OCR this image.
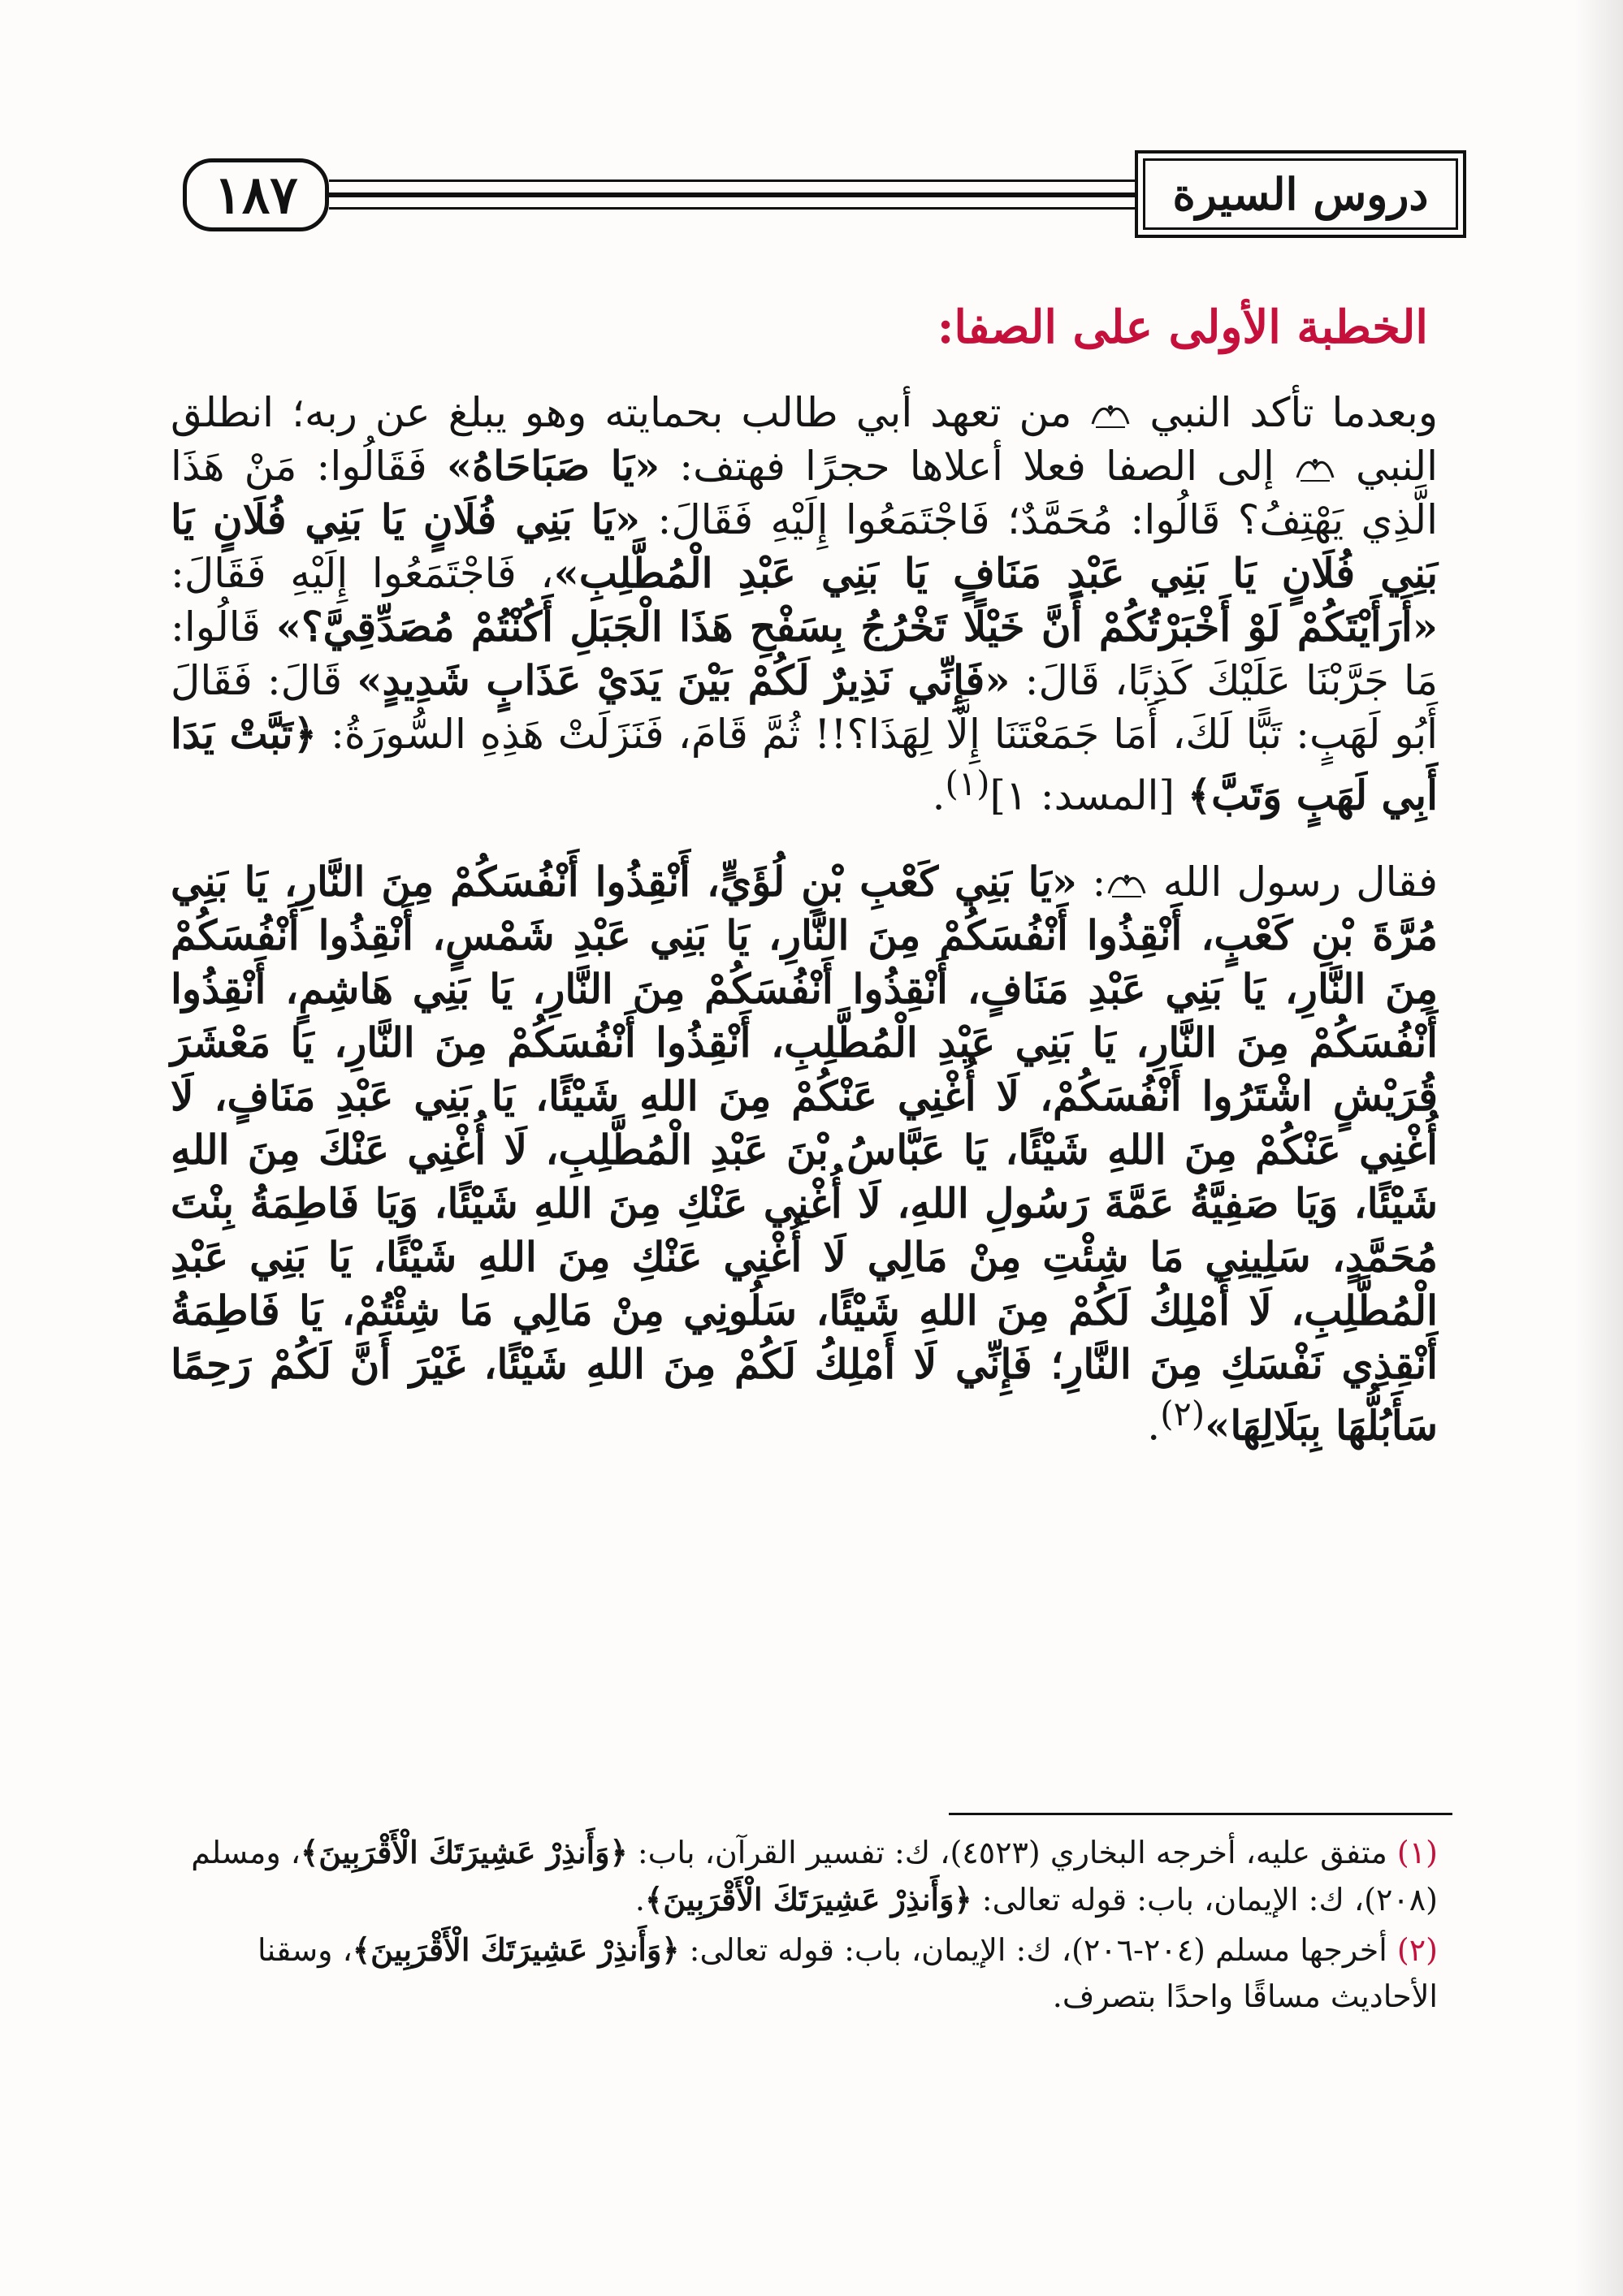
١٨٧	دروس السيرة
الخطبة الأولى على الصفا:

وبعدما تأكد النبي
من تعهد أبي طالب بحمايته وهو يبلغ عن ربه؛ انطلق النبي
إلى الصفا فعلا أعلاها حجرًا فهتف: «يَا صَبَاحَاهُ» فَقَالُوا: مَنْ هَذَا الَّذِي يَهْتِفُ؟ قَالُوا: مُحَمَّدٌ؛ فَاجْتَمَعُوا إِلَيْهِ فَقَالَ: «يَا بَنِي فُلَانٍ يَا بَنِي فُلَانٍ يَا بَنِي فُلَانٍ يَا بَنِي عَبْدِ مَنَافٍ يَا بَنِي عَبْدِ الْمُطَّلِبِ»، فَاجْتَمَعُوا إِلَيْهِ فَقَالَ: «أَرَأَيْتَكُمْ لَوْ أَخْبَرْتُكُمْ أَنَّ خَيْلًا تَخْرُجُ بِسَفْحِ هَذَا الْجَبَلِ أَكُنْتُمْ مُصَدِّقِيَّ؟» قَالُوا: مَا جَرَّبْنَا عَلَيْكَ كَذِبًا، قَالَ: «فَإِنِّي نَذِيرٌ لَكُمْ بَيْنَ يَدَيْ عَذَابٍ شَدِيدٍ» قَالَ: فَقَالَ أَبُو لَهَبٍ: تَبًّا لَكَ، أَمَا جَمَعْتَنَا إِلَّا لِهَذَا؟!! ثُمَّ قَامَ، فَنَزَلَتْ هَذِهِ السُّورَةُ: ﴿تَبَّتْ يَدَا أَبِي لَهَبٍ وَتَبَّ﴾ [المسد: ١]$^{(١)}$.

فقال رسول الله
: «يَا بَنِي كَعْبِ بْنِ لُؤَيٍّ، أَنْقِذُوا أَنْفُسَكُمْ مِنَ النَّارِ، يَا بَنِي مُرَّةَ بْنِ كَعْبٍ، أَنْقِذُوا أَنْفُسَكُمْ مِنَ النَّارِ، يَا بَنِي عَبْدِ شَمْسٍ، أَنْقِذُوا أَنْفُسَكُمْ مِنَ النَّارِ، يَا بَنِي عَبْدِ مَنَافٍ، أَنْقِذُوا أَنْفُسَكُمْ مِنَ النَّارِ، يَا بَنِي هَاشِمٍ، أَنْقِذُوا أَنْفُسَكُمْ مِنَ النَّارِ، يَا بَنِي عَبْدِ الْمُطَّلِبِ، أَنْقِذُوا أَنْفُسَكُمْ مِنَ النَّارِ، يَا مَعْشَرَ قُرَيْشٍ اشْتَرُوا أَنْفُسَكُمْ، لَا أُغْنِي عَنْكُمْ مِنَ اللهِ شَيْئًا، يَا بَنِي عَبْدِ مَنَافٍ، لَا أُغْنِي عَنْكُمْ مِنَ اللهِ شَيْئًا، يَا عَبَّاسُ بْنَ عَبْدِ الْمُطَّلِبِ، لَا أُغْنِي عَنْكَ مِنَ اللهِ شَيْئًا، وَيَا صَفِيَّةُ عَمَّةَ رَسُولِ اللهِ، لَا أُغْنِي عَنْكِ مِنَ اللهِ شَيْئًا، وَيَا فَاطِمَةُ بِنْتَ مُحَمَّدٍ، سَلِينِي مَا شِئْتِ مِنْ مَالِي لَا أُغْنِي عَنْكِ مِنَ اللهِ شَيْئًا، يَا بَنِي عَبْدِ الْمُطَّلِبِ، لَا أَمْلِكُ لَكُمْ مِنَ اللهِ شَيْئًا، سَلُونِي مِنْ مَالِي مَا شِئْتُمْ، يَا فَاطِمَةُ أَنْقِذِي نَفْسَكِ مِنَ النَّارِ؛ فَإِنِّي لَا أَمْلِكُ لَكُمْ مِنَ اللهِ شَيْئًا، غَيْرَ أَنَّ لَكُمْ رَحِمًا سَأَبُلُّهَا بِبَلَالِهَا»$^{(٢)}$.

(١) متفق عليه، أخرجه البخاري (٤٥٢٣)، ك: تفسير القرآن، باب: ﴿وَأَنذِرْ عَشِيرَتَكَ الْأَقْرَبِينَ﴾، ومسلم (٢٠٨)، ك: الإيمان، باب: قوله تعالى: ﴿وَأَنذِرْ عَشِيرَتَكَ الْأَقْرَبِينَ﴾.

(٢) أخرجها مسلم (٢٠٤-٢٠٦)، ك: الإيمان، باب: قوله تعالى: ﴿وَأَنذِرْ عَشِيرَتَكَ الْأَقْرَبِينَ﴾، وسقنا الأحاديث مساقًا واحدًا بتصرف.
